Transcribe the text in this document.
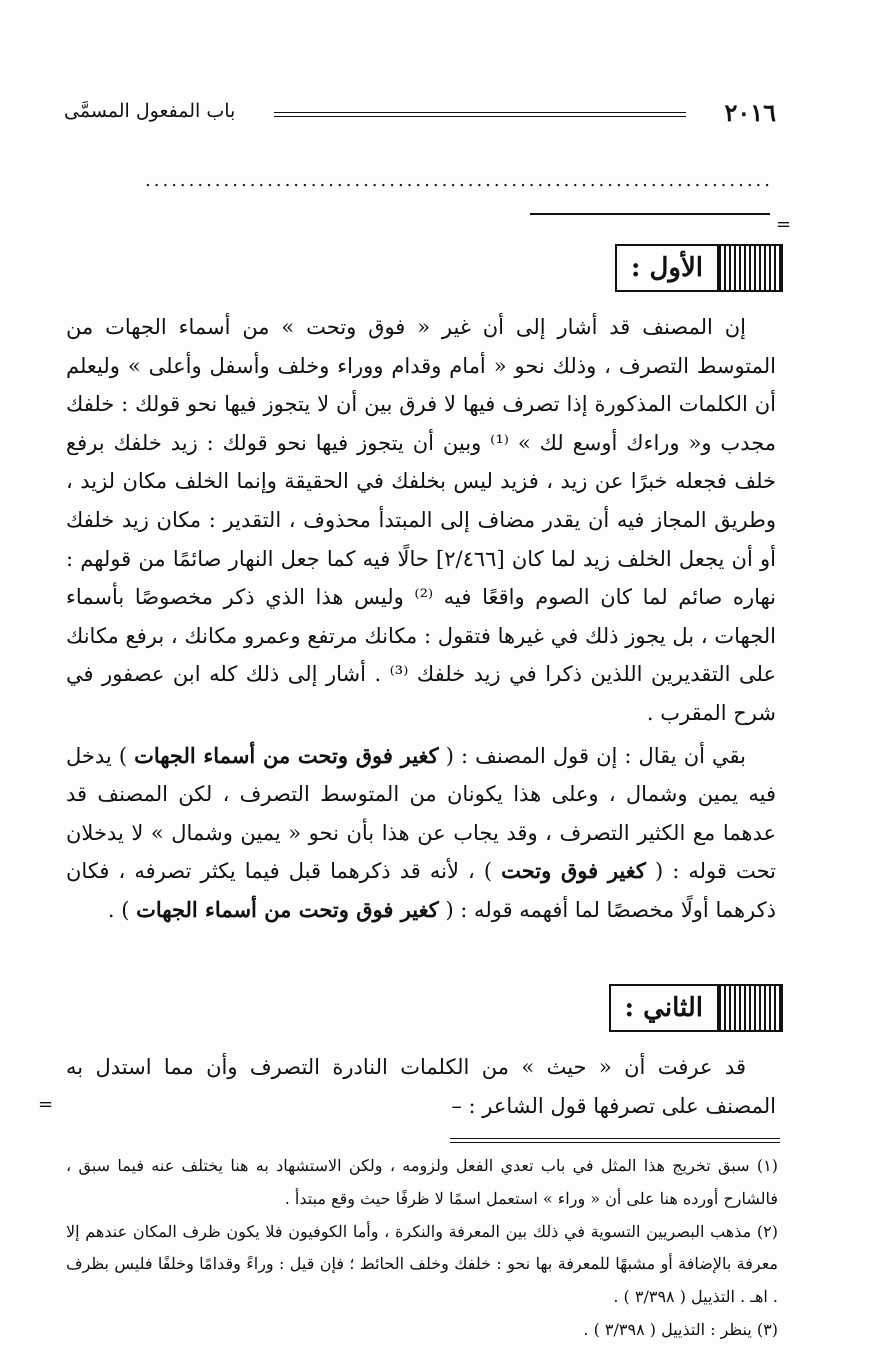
٢٠١٦
باب المفعول المسمَّى
........................................................................
=
الأول :

إن المصنف قد أشار إلى أن غير « فوق وتحت » من أسماء الجهات من المتوسط التصرف ، وذلك نحو « أمام وقدام ووراء وخلف وأسفل وأعلى » وليعلم أن الكلمات المذكورة إذا تصرف فيها لا فرق بين أن لا يتجوز فيها نحو قولك : خلفك مجدب و« وراءك أوسع لك » ⁽¹⁾ وبين أن يتجوز فيها نحو قولك : زيد خلفك برفع خلف فجعله خبرًا عن زيد ، فزيد ليس بخلفك في الحقيقة وإنما الخلف مكان لزيد ، وطريق المجاز فيه أن يقدر مضاف إلى المبتدأ محذوف ، التقدير : مكان زيد خلفك أو أن يجعل الخلف زيد لما كان [٢/٤٦٦] حالًا فيه كما جعل النهار صائمًا من قولهم : نهاره صائم لما كان الصوم واقعًا فيه ⁽²⁾ وليس هذا الذي ذكر مخصوصًا بأسماء الجهات ، بل يجوز ذلك في غيرها فتقول : مكانك مرتفع وعمرو مكانك ، برفع مكانك على التقديرين اللذين ذكرا في زيد خلفك ⁽³⁾ . أشار إلى ذلك كله ابن عصفور في شرح المقرب .

بقي أن يقال : إن قول المصنف : ( كغير فوق وتحت من أسماء الجهات ) يدخل فيه يمين وشمال ، وعلى هذا يكونان من المتوسط التصرف ، لكن المصنف قد عدهما مع الكثير التصرف ، وقد يجاب عن هذا بأن نحو « يمين وشمال » لا يدخلان تحت قوله : ( كغير فوق وتحت ) ، لأنه قد ذكرهما قبل فيما يكثر تصرفه ، فكان ذكرهما أولًا مخصصًا لما أفهمه قوله : ( كغير فوق وتحت من أسماء الجهات ) .

الثاني :

قد عرفت أن « حيث » من الكلمات النادرة التصرف وأن مما استدل به المصنف على تصرفها قول الشاعر : –

=

(١) سبق تخريج هذا المثل في باب تعدي الفعل ولزومه ، ولكن الاستشهاد به هنا يختلف عنه فيما سبق ، فالشارح أورده هنا على أن « وراء » استعمل اسمًا لا ظرفًا حيث وقع مبتدأ .

(٢) مذهب البصريين التسوية في ذلك بين المعرفة والنكرة ، وأما الكوفيون فلا يكون ظرف المكان عندهم إلا معرفة بالإضافة أو مشبهًا للمعرفة بها نحو : خلفك وخلف الحائط ؛ فإن قيل : وراءً وقدامًا وخلفًا فليس بظرف . اهـ . التذييل ( ٣/٣٩٨ ) .

(٣) ينظر : التذييل ( ٣/٣٩٨ ) .
